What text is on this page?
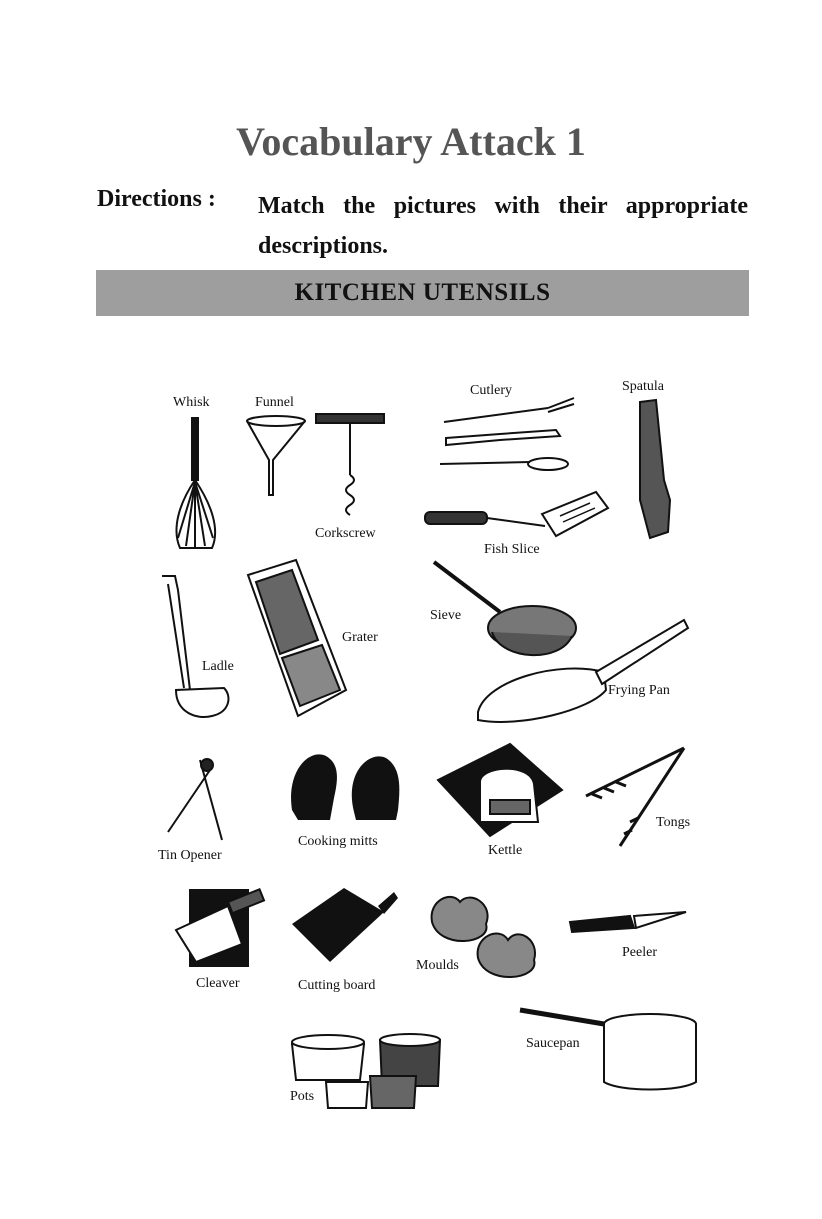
Vocabulary Attack 1
Directions : Match the pictures with their appropriate descriptions.
KITCHEN UTENSILS
Whisk	Funnel
Corkscrew
Cutlery	Spatula
Fish Slice
Ladle
Grater
Sieve
Frying Pan
Tin Opener
Cooking mitts
Kettle
Tongs
Cleaver	Cutting board
Moulds
Peeler
Saucepan
Pots
